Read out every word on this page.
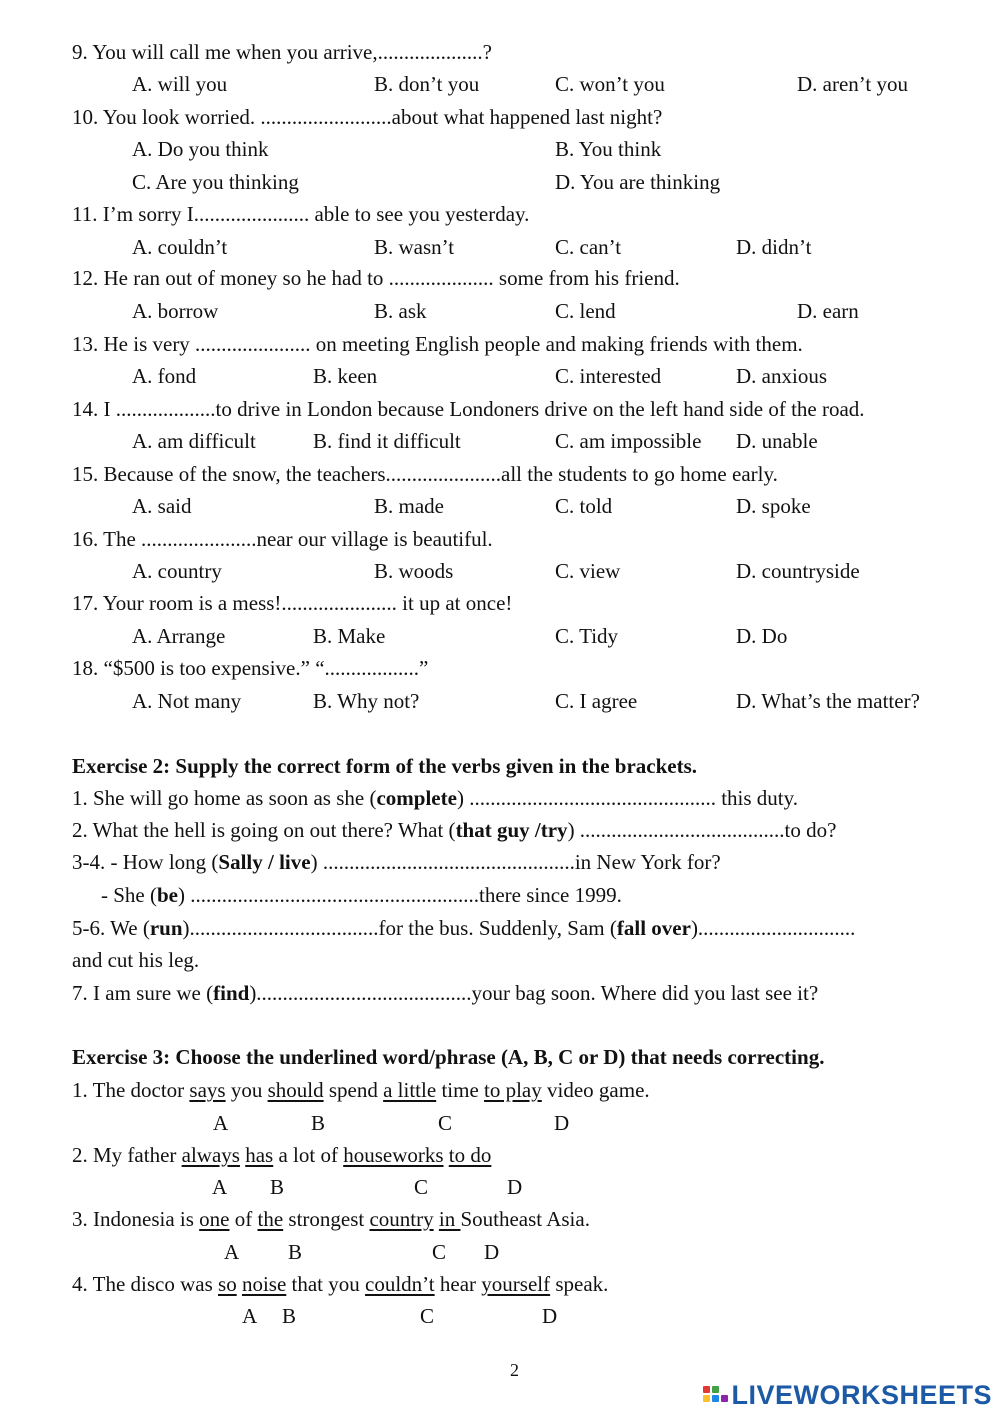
9. You will call me when you arrive,....................?
A. will you	B. don’t you	C. won’t you	D. aren’t you
10. You look worried. .........................about what happened last night?
A. Do you think	B. You think
C. Are you thinking	D. You are thinking
11. I’m sorry I...................... able to see you yesterday.
A. couldn’t	B. wasn’t	C. can’t	D. didn’t
12. He ran out of money so he had to .................... some from his friend.
A. borrow	B. ask	C. lend	D. earn
13. He is very ...................... on meeting English people and making friends with them.
A. fond	B. keen	C. interested	D. anxious
14. I ...................to drive in London because Londoners drive on the left hand side of the road.
A. am difficult	B. find it difficult	C. am impossible D. unable
15. Because of the snow, the teachers......................all the students to go home early.
A. said	B. made	C. told	D. spoke
16. The ......................near our village is beautiful.
A. country	B. woods	C. view	D. countryside
17. Your room is a mess!...................... it up at once!
A. Arrange	B. Make	C. Tidy	D. Do
18. “$500 is too expensive.” “..................”
A. Not many	B. Why not?	C. I agree	D. What’s the matter?
Exercise 2: Supply the correct form of the verbs given in the brackets.
1. She will go home as soon as she (complete) ............................................... this duty.
2. What the hell is going on out there? What (that guy /try) .......................................to do?
3-4. - How long (Sally / live) ................................................in New York for?
- She (be) .......................................................there since 1999.
5-6. We (run)....................................for the bus. Suddenly, Sam (fall over)..............................
and cut his leg.
7. I am sure we (find).........................................your bag soon. Where did you last see it?
Exercise 3: Choose the underlined word/phrase (A, B, C or D) that needs correcting.
1. The doctor says you should spend a little time to play video game.
A	B	C	D
2. My father always has a lot of houseworks to do
A B	C	D
3. Indonesia is one of the strongest country in Southeast Asia.
A B	C D
4. The disco was so noise that you couldn’t hear yourself speak.
A B	C	D
2
LIVEWORKSHEETS
